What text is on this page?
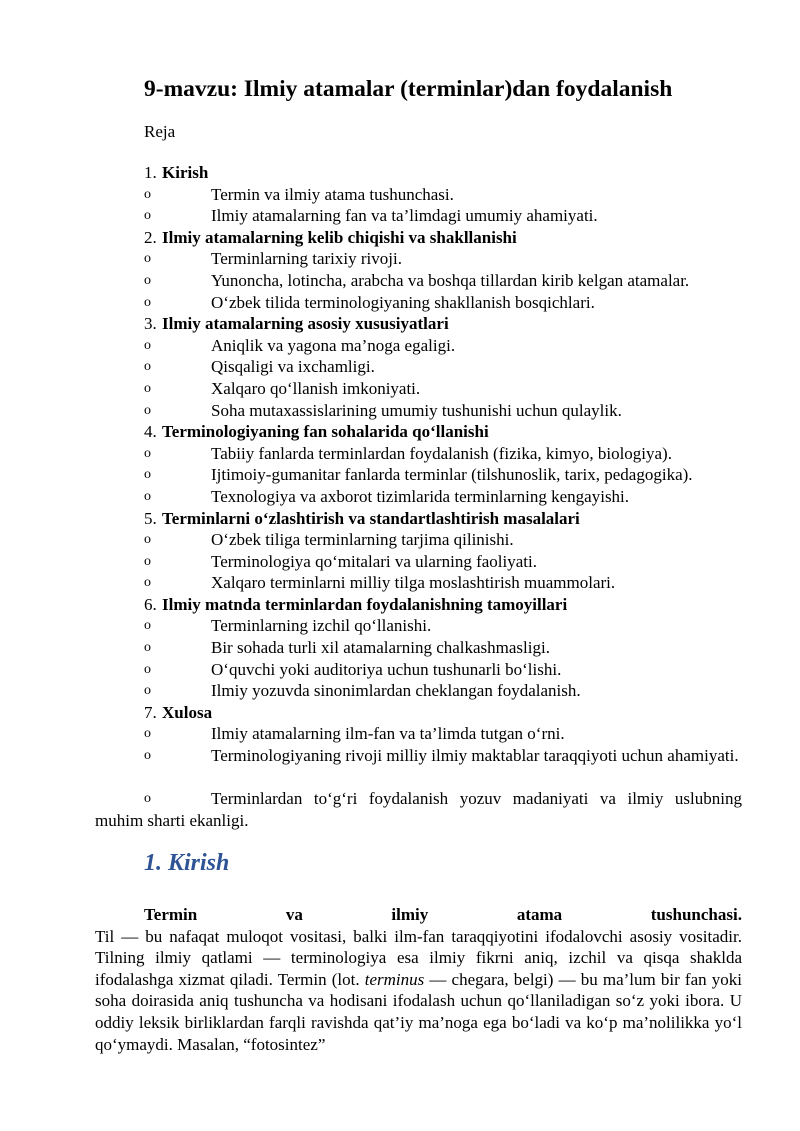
9-mavzu: Ilmiy atamalar (terminlar)dan foydalanish
Reja
1. Kirish
o	Termin va ilmiy atama tushunchasi.
o	Ilmiy atamalarning fan va ta’limdagi umumiy ahamiyati.
2. Ilmiy atamalarning kelib chiqishi va shakllanishi
o	Terminlarning tarixiy rivoji.
o	Yunoncha, lotincha, arabcha va boshqa tillardan kirib kelgan atamalar.
o	O‘zbek tilida terminologiyaning shakllanish bosqichlari.
3. Ilmiy atamalarning asosiy xususiyatlari
o	Aniqlik va yagona ma’noga egaligi.
o	Qisqaligi va ixchamligi.
o	Xalqaro qo‘llanish imkoniyati.
o	Soha mutaxassislarining umumiy tushunishi uchun qulaylik.
4. Terminologiyaning fan sohalarida qo‘llanishi
o	Tabiiy fanlarda terminlardan foydalanish (fizika, kimyo, biologiya).
o	Ijtimoiy-gumanitar fanlarda terminlar (tilshunoslik, tarix, pedagogika).
o	Texnologiya va axborot tizimlarida terminlarning kengayishi.
5. Terminlarni o‘zlashtirish va standartlashtirish masalalari
o	O‘zbek tiliga terminlarning tarjima qilinishi.
o	Terminologiya qo‘mitalari va ularning faoliyati.
o	Xalqaro terminlarni milliy tilga moslashtirish muammolari.
6. Ilmiy matnda terminlardan foydalanishning tamoyillari
o	Terminlarning izchil qo‘llanishi.
o	Bir sohada turli xil atamalarning chalkashmasligi.
o	O‘quvchi yoki auditoriya uchun tushunarli bo‘lishi.
o	Ilmiy yozuvda sinonimlardan cheklangan foydalanish.
7. Xulosa
o	Ilmiy atamalarning ilm-fan va ta’limda tutgan o‘rni.
o	Terminologiyaning rivoji milliy ilmiy maktablar taraqqiyoti uchun ahamiyati.
o	Terminlardan to‘g‘ri foydalanish yozuv madaniyati va ilmiy uslubning muhim sharti ekanligi.
1. Kirish
Termin	va	ilmiy	atama	tushunchasi.

Til — bu nafaqat muloqot vositasi, balki ilm-fan taraqqiyotini ifodalovchi asosiy vositadir. Tilning ilmiy qatlami — terminologiya esa ilmiy fikrni aniq, izchil va qisqa shaklda ifodalashga xizmat qiladi. Termin (lot. terminus — chegara, belgi) — bu ma’lum bir fan yoki soha doirasida aniq tushuncha va hodisani ifodalash uchun qo‘llaniladigan so‘z yoki ibora. U oddiy leksik birliklardan farqli ravishda qat’iy ma’noga ega bo‘ladi va ko‘p ma’nolilikka yo‘l qo‘ymaydi. Masalan, “fotosintez”
